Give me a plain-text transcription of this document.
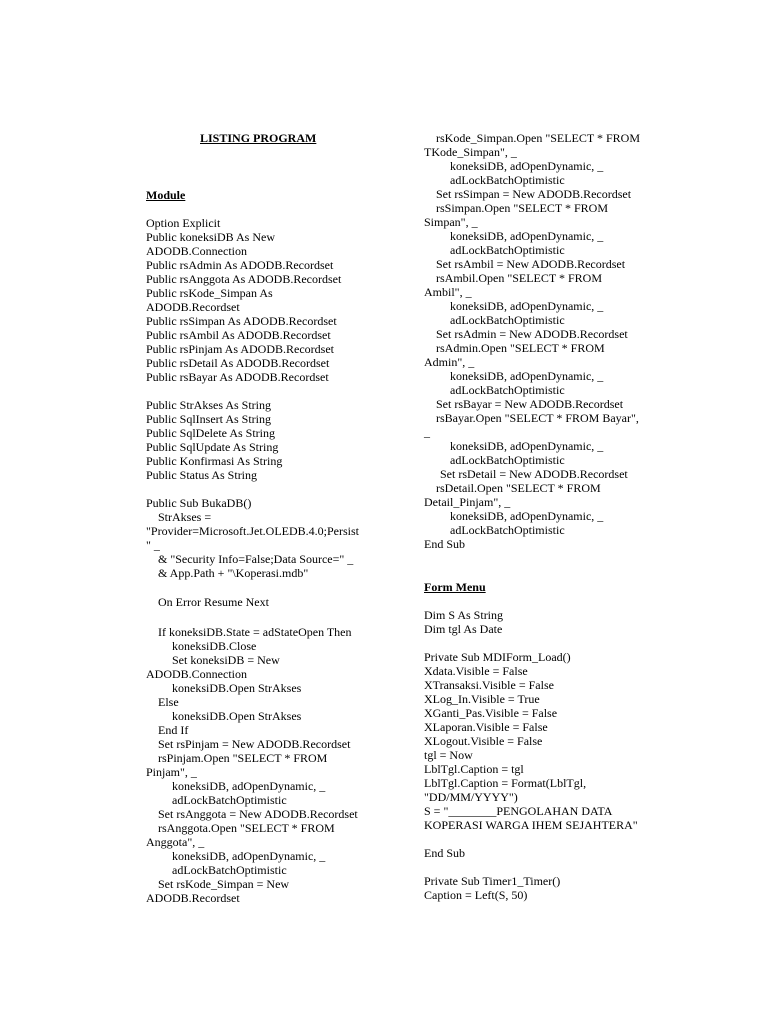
LISTING PROGRAM
Module
Option Explicit
Public koneksiDB As New
ADODB.Connection
Public rsAdmin As ADODB.Recordset
Public rsAnggota As ADODB.Recordset
Public rsKode_Simpan As
ADODB.Recordset
Public rsSimpan As ADODB.Recordset
Public rsAmbil As ADODB.Recordset
Public rsPinjam As ADODB.Recordset
Public rsDetail As ADODB.Recordset
Public rsBayar As ADODB.Recordset
Public StrAkses As String
Public SqlInsert As String
Public SqlDelete As String
Public SqlUpdate As String
Public Konfirmasi As String
Public Status As String
Public Sub BukaDB()
StrAkses =
"Provider=Microsoft.Jet.OLEDB.4.0;Persist
" _
& "Security Info=False;Data Source=" _
& App.Path + "\Koperasi.mdb"
On Error Resume Next
If koneksiDB.State = adStateOpen Then
koneksiDB.Close
Set koneksiDB = New
ADODB.Connection
koneksiDB.Open StrAkses
Else
koneksiDB.Open StrAkses
End If
Set rsPinjam = New ADODB.Recordset
rsPinjam.Open "SELECT * FROM
Pinjam", _
koneksiDB, adOpenDynamic, _
adLockBatchOptimistic
Set rsAnggota = New ADODB.Recordset
rsAnggota.Open "SELECT * FROM
Anggota", _
koneksiDB, adOpenDynamic, _
adLockBatchOptimistic
Set rsKode_Simpan = New
ADODB.Recordset
rsKode_Simpan.Open "SELECT * FROM
TKode_Simpan", _
koneksiDB, adOpenDynamic, _
adLockBatchOptimistic
Set rsSimpan = New ADODB.Recordset
rsSimpan.Open "SELECT * FROM
Simpan", _
koneksiDB, adOpenDynamic, _
adLockBatchOptimistic
Set rsAmbil = New ADODB.Recordset
rsAmbil.Open "SELECT * FROM
Ambil", _
koneksiDB, adOpenDynamic, _
adLockBatchOptimistic
Set rsAdmin = New ADODB.Recordset
rsAdmin.Open "SELECT * FROM
Admin", _
koneksiDB, adOpenDynamic, _
adLockBatchOptimistic
Set rsBayar = New ADODB.Recordset
rsBayar.Open "SELECT * FROM Bayar",
_
koneksiDB, adOpenDynamic, _
adLockBatchOptimistic
Set rsDetail = New ADODB.Recordset
rsDetail.Open "SELECT * FROM
Detail_Pinjam", _
koneksiDB, adOpenDynamic, _
adLockBatchOptimistic
End Sub
Form Menu
Dim S As String
Dim tgl As Date
Private Sub MDIForm_Load()
Xdata.Visible = False
XTransaksi.Visible = False
XLog_In.Visible = True
XGanti_Pas.Visible = False
XLaporan.Visible = False
XLogout.Visible = False
tgl = Now
LblTgl.Caption = tgl
LblTgl.Caption = Format(LblTgl,
"DD/MM/YYYY")
S = "________PENGOLAHAN DATA
KOPERASI WARGA IHEM SEJAHTERA"
End Sub
Private Sub Timer1_Timer()
Caption = Left(S, 50)
